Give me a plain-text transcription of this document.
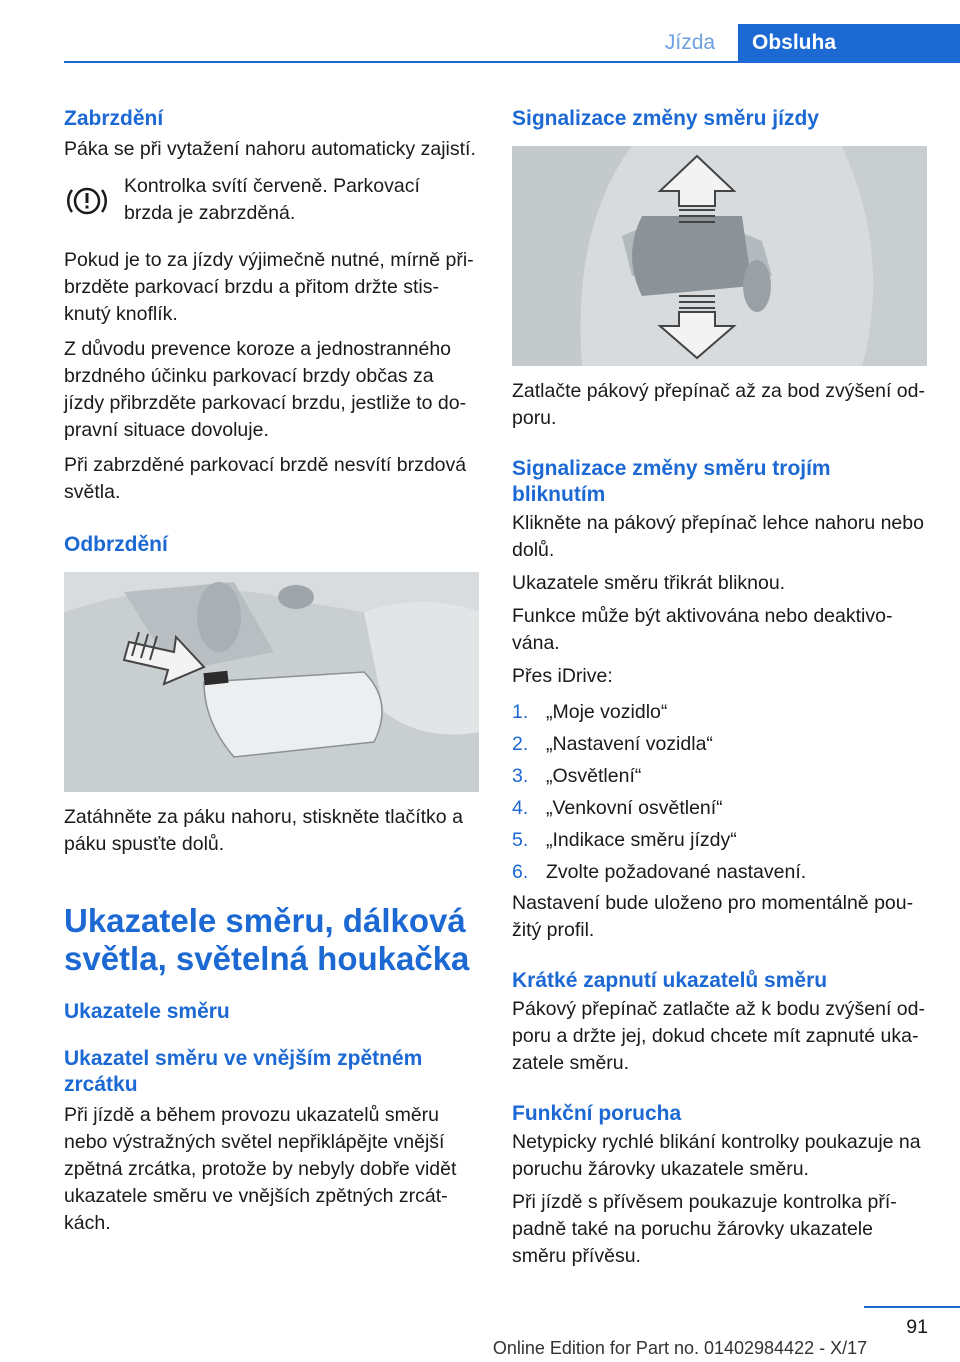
Jízda	Obsluha
Zabrzdění

Páka se při vytažení nahoru automaticky zajistí.

Kontrolka svítí červeně. Parkovací brzda je zabrzděná.

Pokud je to za jízdy výjimečně nutné, mírně při‐brzděte parkovací brzdu a přitom držte stis‐knutý knoflík.

Z důvodu prevence koroze a jednostranného brzdného účinku parkovací brzdy občas za jízdy přibrzděte parkovací brzdu, jestliže to do‐pravní situace dovoluje.

Při zabrzděné parkovací brzdě nesvítí brzdová světla.

Odbrzdění

Zatáhněte za páku nahoru, stiskněte tlačítko a páku spusťte dolů.

Ukazatele směru, dálková světla, světelná houkačka
Ukazatele směru
Ukazatel směru ve vnějším zpětném zrcátku

Při jízdě a během provozu ukazatelů směru nebo výstražných světel nepřiklápějte vnější zpětná zrcátka, protože by nebyly dobře vidět ukazatele směru ve vnějších zpětných zrcát‐kách.

Signalizace změny směru jízdy

Zatlačte pákový přepínač až za bod zvýšení od‐poru.

Signalizace změny směru trojím bliknutím

Klikněte na pákový přepínač lehce nahoru nebo dolů.

Ukazatele směru třikrát bliknou.

Funkce může být aktivována nebo deaktivo‐vána.

Přes iDrive:

1. „Moje vozidlo“
2. „Nastavení vozidla“
3. „Osvětlení“
4. „Venkovní osvětlení“
5. „Indikace směru jízdy“
6. Zvolte požadované nastavení.

Nastavení bude uloženo pro momentálně pou‐žitý profil.

Krátké zapnutí ukazatelů směru

Pákový přepínač zatlačte až k bodu zvýšení od‐poru a držte jej, dokud chcete mít zapnuté uka‐zatele směru.

Funkční porucha

Netypicky rychlé blikání kontrolky poukazuje na poruchu žárovky ukazatele směru.

Při jízdě s přívěsem poukazuje kontrolka pří‐padně také na poruchu žárovky ukazatele směru přívěsu.

91
Online Edition for Part no. 01402984422 - X/17
